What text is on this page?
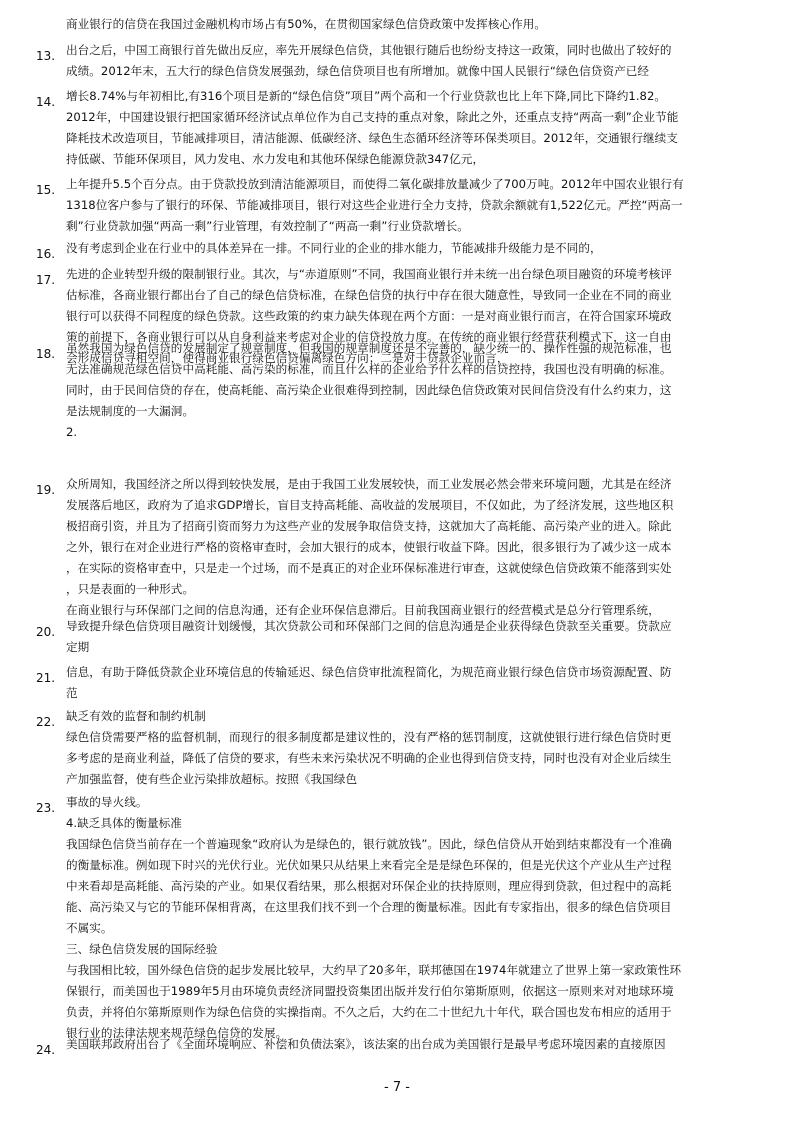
商业银行的信贷在我国过金融机构市场占有50%，在贯彻国家绿色信贷政策中发挥核心作用。
13. 出台之后，中国工商银行首先做出反应，率先开展绿色信贷，其他银行随后也纷纷支持这一政策，同时也做出了较好的
成绩。2012年末，五大行的绿色信贷发展强劲，绿色信贷项目也有所增加。就像中国人民银行“绿色信贷资产已经
14. 增长8.74%与年初相比,有316个项目是新的“绿色信贷”项目”两个高和一个行业贷款也比上年下降,同比下降约1.82。
2012年，中国建设银行把国家循环经济试点单位作为自己支持的重点对象，除此之外，还重点支持“两高一剩”企业节能
降耗技术改造项目，节能减排项目，清洁能源、低碳经济、绿色生态循环经济等环保类项目。2012年，交通银行继续支
持低碳、节能环保项目，风力发电、水力发电和其他环保绿色能源贷款347亿元，
15. 上年提升5.5个百分点。由于贷款投放到清洁能源项目，而使得二氧化碳排放量减少了700万吨。2012年中国农业银行有
1318位客户参与了银行的环保、节能减排项目，银行对这些企业进行全力支持，贷款余额就有1,522亿元。严控“两高一
剩”行业贷款加强“两高一剩”行业管理，有效控制了“两高一剩”行业贷款增长。
16. 没有考虑到企业在行业中的具体差异在一排。不同行业的企业的排水能力，节能减排升级能力是不同的，
17. 先进的企业转型升级的限制银行业。其次，与“赤道原则”不同，我国商业银行并未统一出台绿色项目融资的环境考核评
估标准，各商业银行都出台了自己的绿色信贷标准，在绿色信贷的执行中存在很大随意性，导致同一企业在不同的商业
银行可以获得不同程度的绿色贷款。这些政策的约束力缺失体现在两个方面：一是对商业银行而言，在符合国家环境政
策的前提下，各商业银行可以从自身利益来考虑对企业的信贷投放力度。在传统的商业银行经营获利模式下，这一自由
会形成信贷寻租空间，使得商业银行绿色信贷偏离绿色方向；二是对于贷款企业而言，
18. 虽然我国为绿色信贷的发展制定了规章制度，但我国的规章制度还是不完善的，缺少统一的、操作性强的规范标准，也
无法准确规范绿色信贷中高耗能、高污染的标准，而且什么样的企业给予什么样的信贷控持，我国也没有明确的标准。
同时，由于民间信贷的存在，使高耗能、高污染企业很难得到控制，因此绿色信贷政策对民间信贷没有什么约束力，这
是法规制度的一大漏洞。
2.
19. 众所周知，我国经济之所以得到较快发展，是由于我国工业发展较快，而工业发展必然会带来环境问题，尤其是在经济
发展落后地区，政府为了追求GDP增长，盲目支持高耗能、高收益的发展项目，不仅如此，为了经济发展，这些地区积
极招商引资，并且为了招商引资而努力为这些产业的发展争取信贷支持，这就加大了高耗能、高污染产业的进入。除此
之外，银行在对企业进行严格的资格审查时，会加大银行的成本，使银行收益下降。因此，很多银行为了减少这一成本
，在实际的资格审查中，只是走一个过场，而不是真正的对企业环保标准进行审查，这就使绿色信贷政策不能落到实处
，只是表面的一种形式。
在商业银行与环保部门之间的信息沟通，还有企业环保信息滞后。目前我国商业银行的经营模式是总分行管理系统，
20. 导致提升绿色信贷项目融资计划缓慢，其次贷款公司和环保部门之间的信息沟通是企业获得绿色贷款至关重要。贷款应
定期
21. 信息，有助于降低贷款企业环境信息的传输延迟、绿色信贷审批流程简化，为规范商业银行绿色信贷市场资源配置、防
范
22. 缺乏有效的监督和制约机制
绿色信贷需要严格的监督机制，而现行的很多制度都是建议性的，没有严格的惩罚制度，这就使银行进行绿色信贷时更
多考虑的是商业利益，降低了信贷的要求，有些未来污染状况不明确的企业也得到信贷支持，同时也没有对企业后续生
产加强监督，使有些企业污染排放超标。按照《我国绿色
23. 事故的导火线。
4.缺乏具体的衡量标准
我国绿色信贷当前存在一个普遍现象“政府认为是绿色的，银行就放钱”。因此，绿色信贷从开始到结束都没有一个准确
的衡量标准。例如现下时兴的光伏行业。光伏如果只从结果上来看完全是是绿色环保的，但是光伏这个产业从生产过程
中来看却是高耗能、高污染的产业。如果仅看结果，那么根据对环保企业的扶持原则，理应得到贷款，但过程中的高耗
能、高污染又与它的节能环保相背离，在这里我们找不到一个合理的衡量标准。因此有专家指出，很多的绿色信贷项目
不属实。
三、绿色信贷发展的国际经验
与我国相比较，国外绿色信贷的起步发展比较早，大约早了20多年，联邦德国在1974年就建立了世界上第一家政策性环
保银行，而美国也于1989年5月由环境负责经济同盟投资集团出版并发行伯尔第斯原则，依据这一原则来对对地球环境
负责，并将伯尔第斯原则作为绿色信贷的实操指南。不久之后，大约在二十世纪九十年代，联合国也发布相应的适用于
银行业的法律法规来规范绿色信贷的发展。
24. 美国联邦政府出台了《全面环境响应、补偿和负债法案》，该法案的出台成为美国银行是最早考虑环境因素的直接原因
- 7 -
